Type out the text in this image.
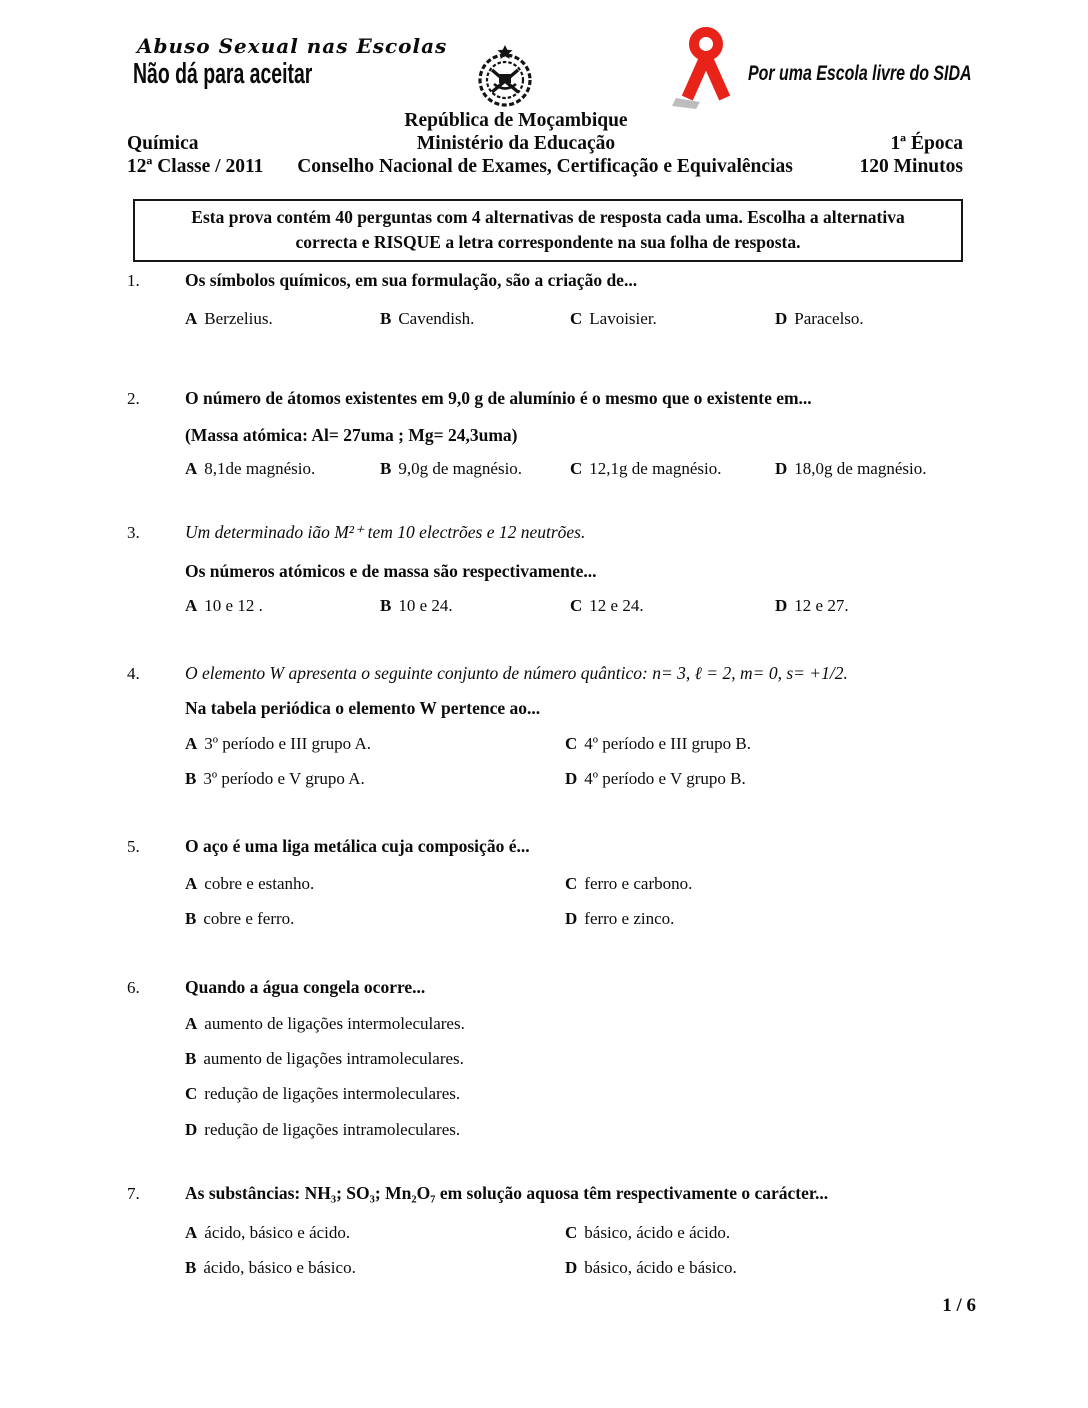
Abuso Sexual nas Escolas
Não dá para aceitar	Por uma Escola livre do SIDA
República de Moçambique
Química	Ministério da Educação	1ª Época
12ª Classe / 2011	Conselho Nacional de Exames, Certificação e Equivalências	120 Minutos
Esta prova contém 40 perguntas com 4 alternativas de resposta cada uma. Escolha a alternativa correcta e RISQUE a letra correspondente na sua folha de resposta.
1.	Os símbolos químicos, em sua formulação, são a criação de...
A Berzelius.	B Cavendish.	C Lavoisier.	D Paracelso.
2.	O número de átomos existentes em 9,0 g de alumínio é o mesmo que o existente em...
(Massa atómica: Al= 27uma ; Mg= 24,3uma)
A 8,1de magnésio.	B 9,0g de magnésio.	C 12,1g de magnésio.	D 18,0g de magnésio.
3.	Um determinado ião M²⁺ tem 10 electrões e 12 neutrões.
Os números atómicos e de massa são respectivamente...
A 10 e 12 .	B 10 e 24.	C 12 e 24.	D 12 e 27.
4.	O elemento W apresenta o seguinte conjunto de número quântico: n= 3, ℓ = 2, m= 0, s= +1/2.
Na tabela periódica o elemento W pertence ao...
A 3º período e III grupo A.
B 3º período e V grupo A.
C 4º período e III grupo B.
D 4º período e V grupo B.
5.	O aço é uma liga metálica cuja composição é...
A cobre e estanho.
B cobre e ferro.
C ferro e carbono.
D ferro e zinco.
6.	Quando a água congela ocorre...
A aumento de ligações intermoleculares.
B aumento de ligações intramoleculares.
C redução de ligações intermoleculares.
D redução de ligações intramoleculares.
7.	As substâncias: NH₃; SO₃; Mn₂O₇ em solução aquosa têm respectivamente o carácter...
A ácido, básico e ácido.
B ácido, básico e básico.
C básico, ácido e ácido.
D básico, ácido e básico.
1 / 6
